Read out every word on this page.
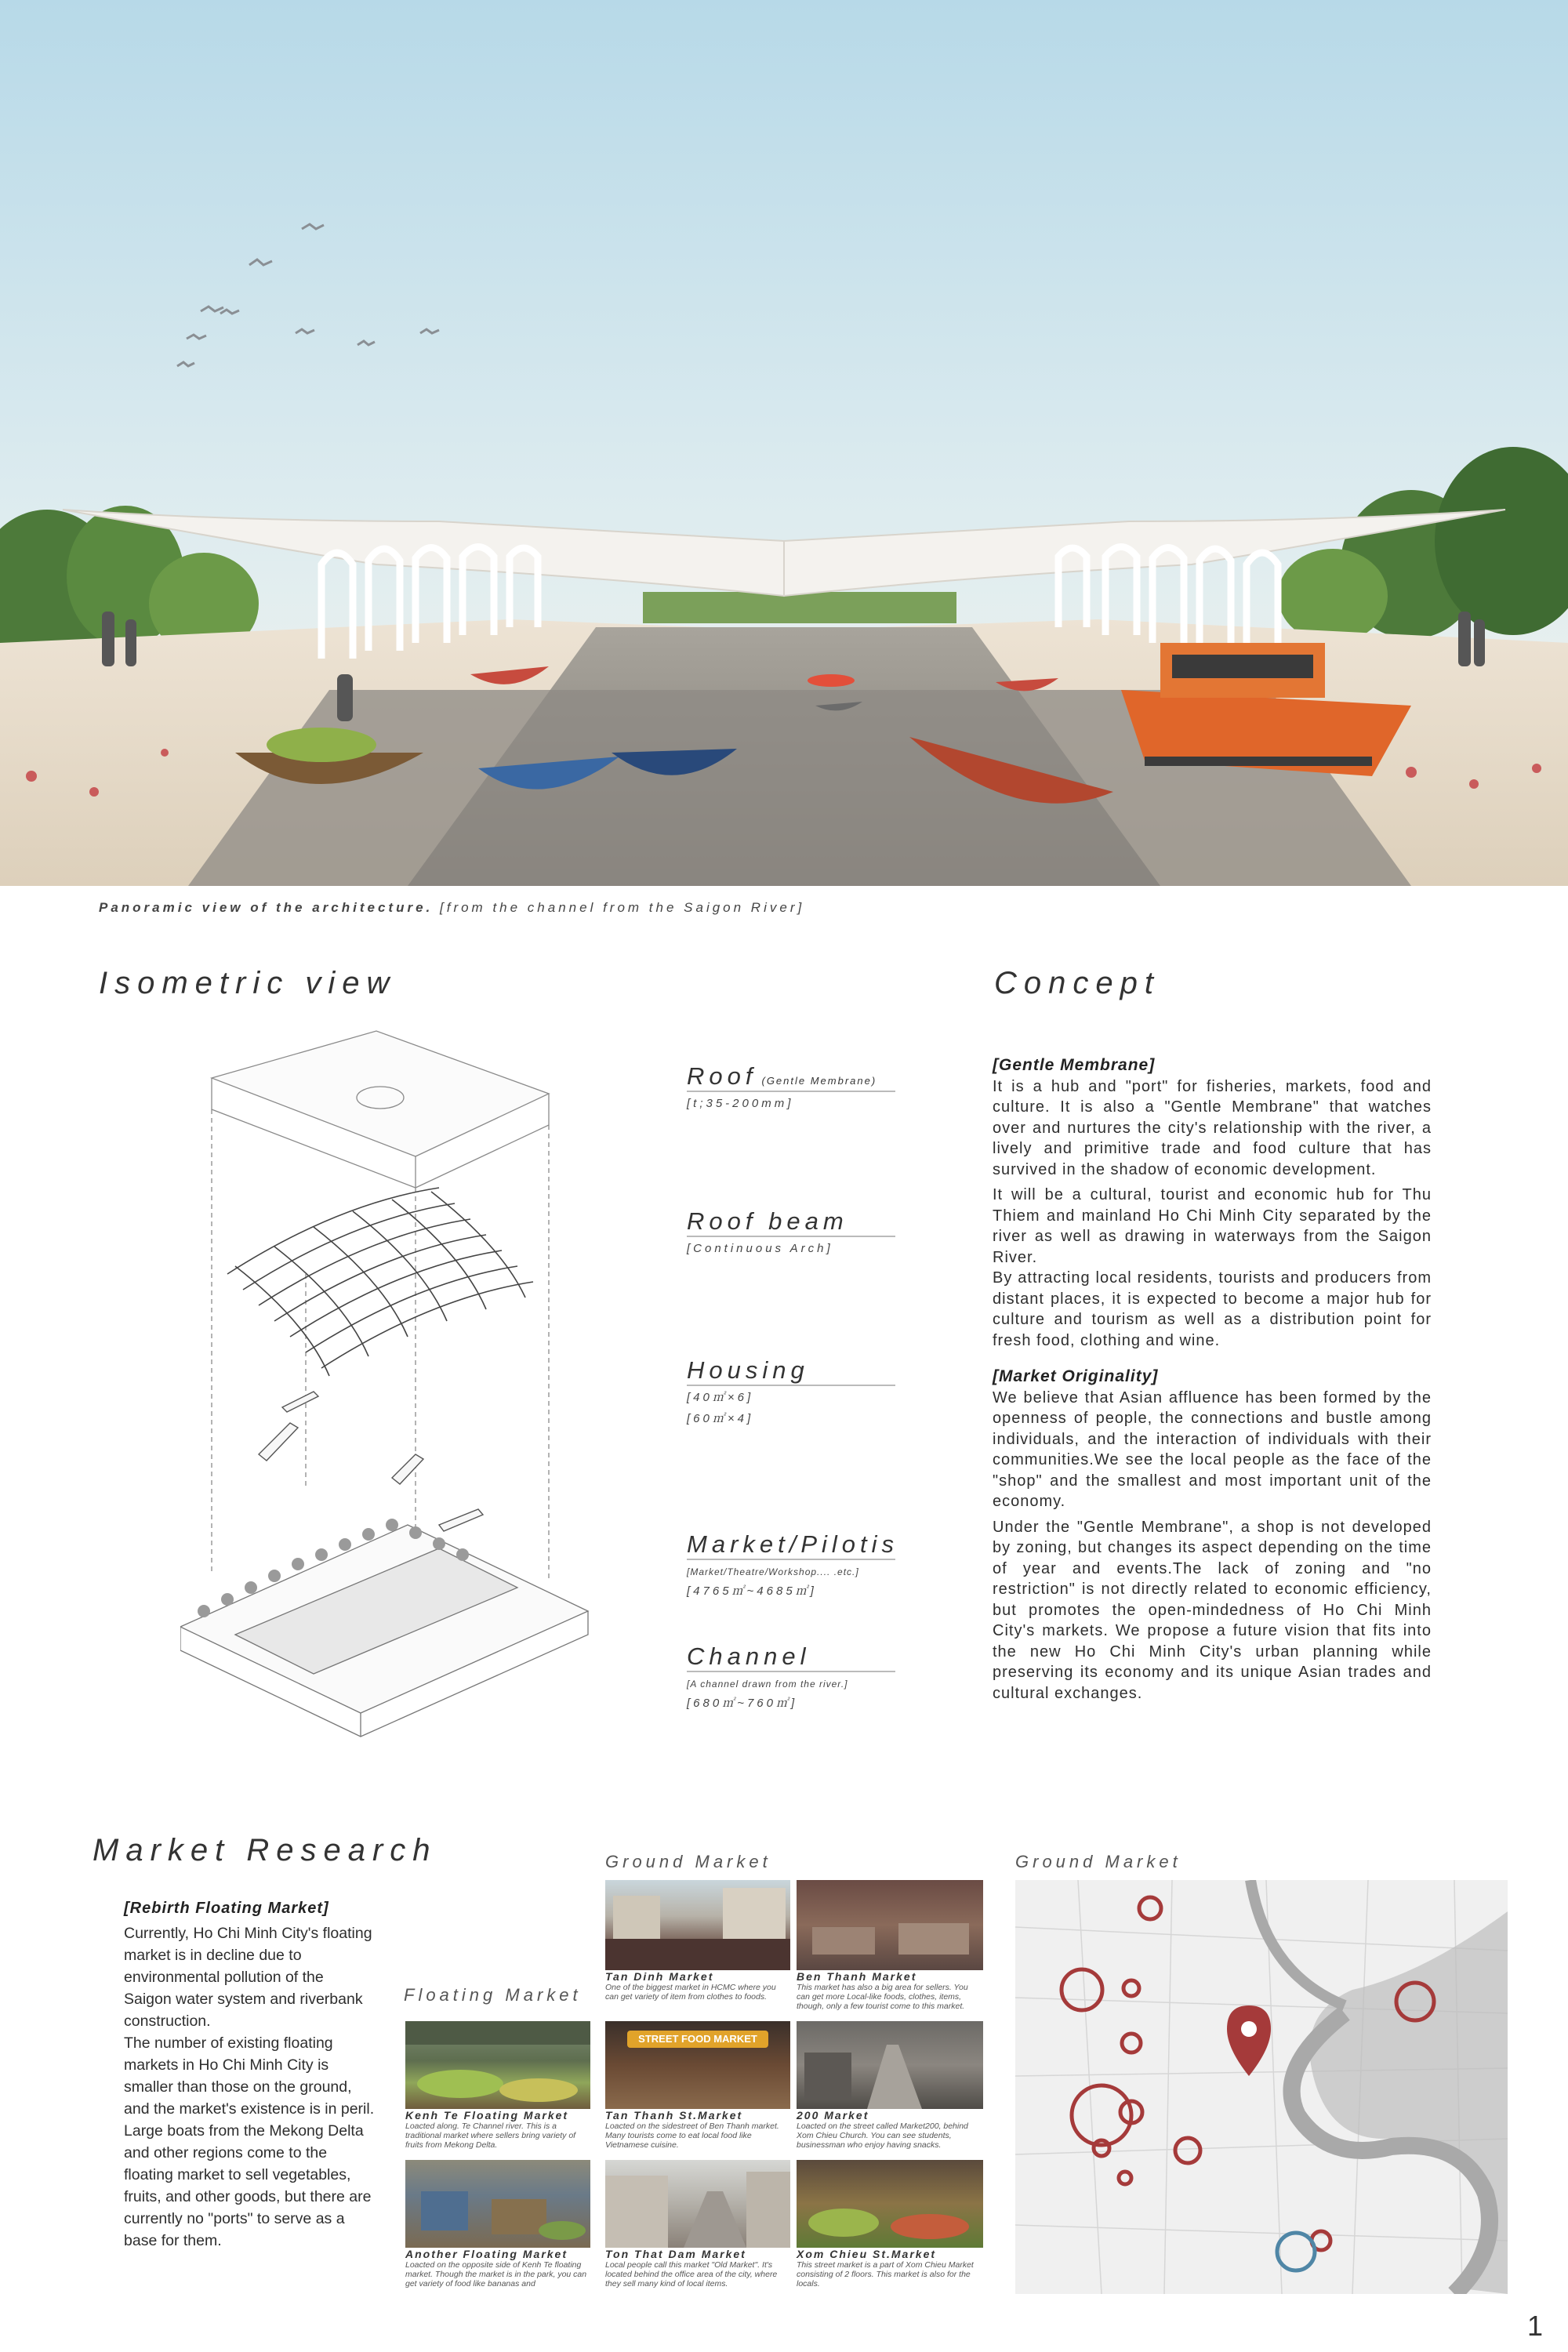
Panoramic view of the architecture. [from the channel from the Saigon River]
Isometric view
Roof (Gentle Membrane)
[t;35-200mm]
Roof beam
[Continuous Arch]
Housing
[40㎡×6]
[60㎡×4]
Market/Pilotis
[Market/Theatre/Workshop.... .etc.]
[4765㎡~4685㎡]
Channel
[A channel drawn from the river.]
[680㎡~760㎡]
Concept
[Gentle Membrane]

It is a hub and "port" for fisheries, markets, food and culture. It is also a "Gentle Membrane" that watches over and nurtures the city's relationship with the river, a lively and primitive trade and food culture that has survived in the shadow of economic development.

It will be a cultural, tourist and economic hub for Thu Thiem and mainland Ho Chi Minh City separated by the river as well as drawing in waterways from the Saigon River.

By attracting local residents, tourists and producers from distant places, it is expected to become a major hub for culture and tourism as well as a distribution point for fresh food, clothing and wine.

[Market Originality]

We believe that Asian affluence has been formed by the openness of people, the connections and bustle among individuals, and the interaction of individuals with their communities.We see the local people as the face of the "shop" and the smallest and most important unit of the economy.

Under the "Gentle Membrane", a shop is not developed by zoning, but changes its aspect depending on the time of year and events.The lack of zoning and "no restriction" is not directly related to economic efficiency, but promotes the open-mindedness of Ho Chi Minh City's markets. We propose a future vision that fits into the new Ho Chi Minh City's urban planning while preserving its economy and its unique Asian trades and cultural exchanges.

Market Research
[Rebirth Floating Market]

Currently, Ho Chi Minh City's floating market is in decline due to environmental pollution of the Saigon water system and riverbank construction.

The number of existing floating markets in Ho Chi Minh City is smaller than those on the ground, and the market's existence is in peril.

Large boats from the Mekong Delta and other regions come to the floating market to sell vegetables, fruits, and other goods, but there are currently no "ports" to serve as a base for them.

Floating Market
Ground Market	Ground Market
Kenh Te Floating Market
Loacted along. Te Channel river. This is a traditional market where sellers bring variety of fruits from Mekong Delta.
Another Floating Market
Loacted on the opposite side of Kenh Te floating market. Though the market is in the park, you can get variety of food like bananas and
Tan Dinh Market
One of the biggest market in HCMC where you can get variety of item from clothes to foods.
STREET FOOD MARKET
Tan Thanh St.Market
Loacted on the sidestreet of Ben Thanh market. Many tourists come to eat local food like Vietnamese cuisine.
Ton That Dam Market
Local people call this market "Old Market". It's located behind the office area of the city, where they sell many kind of local items.
Ben Thanh Market
This market has also a big area for sellers. You can get more Local-like foods, clothes, items, though, only a few tourist come to this market.
200 Market
Loacted on the street called Market200, behind Xom Chieu Church. You can see students, businessman who enjoy having snacks.
Xom Chieu St.Market
This street market is a part of Xom Chieu Market consisting of 2 floors. This market is also for the locals.
1
